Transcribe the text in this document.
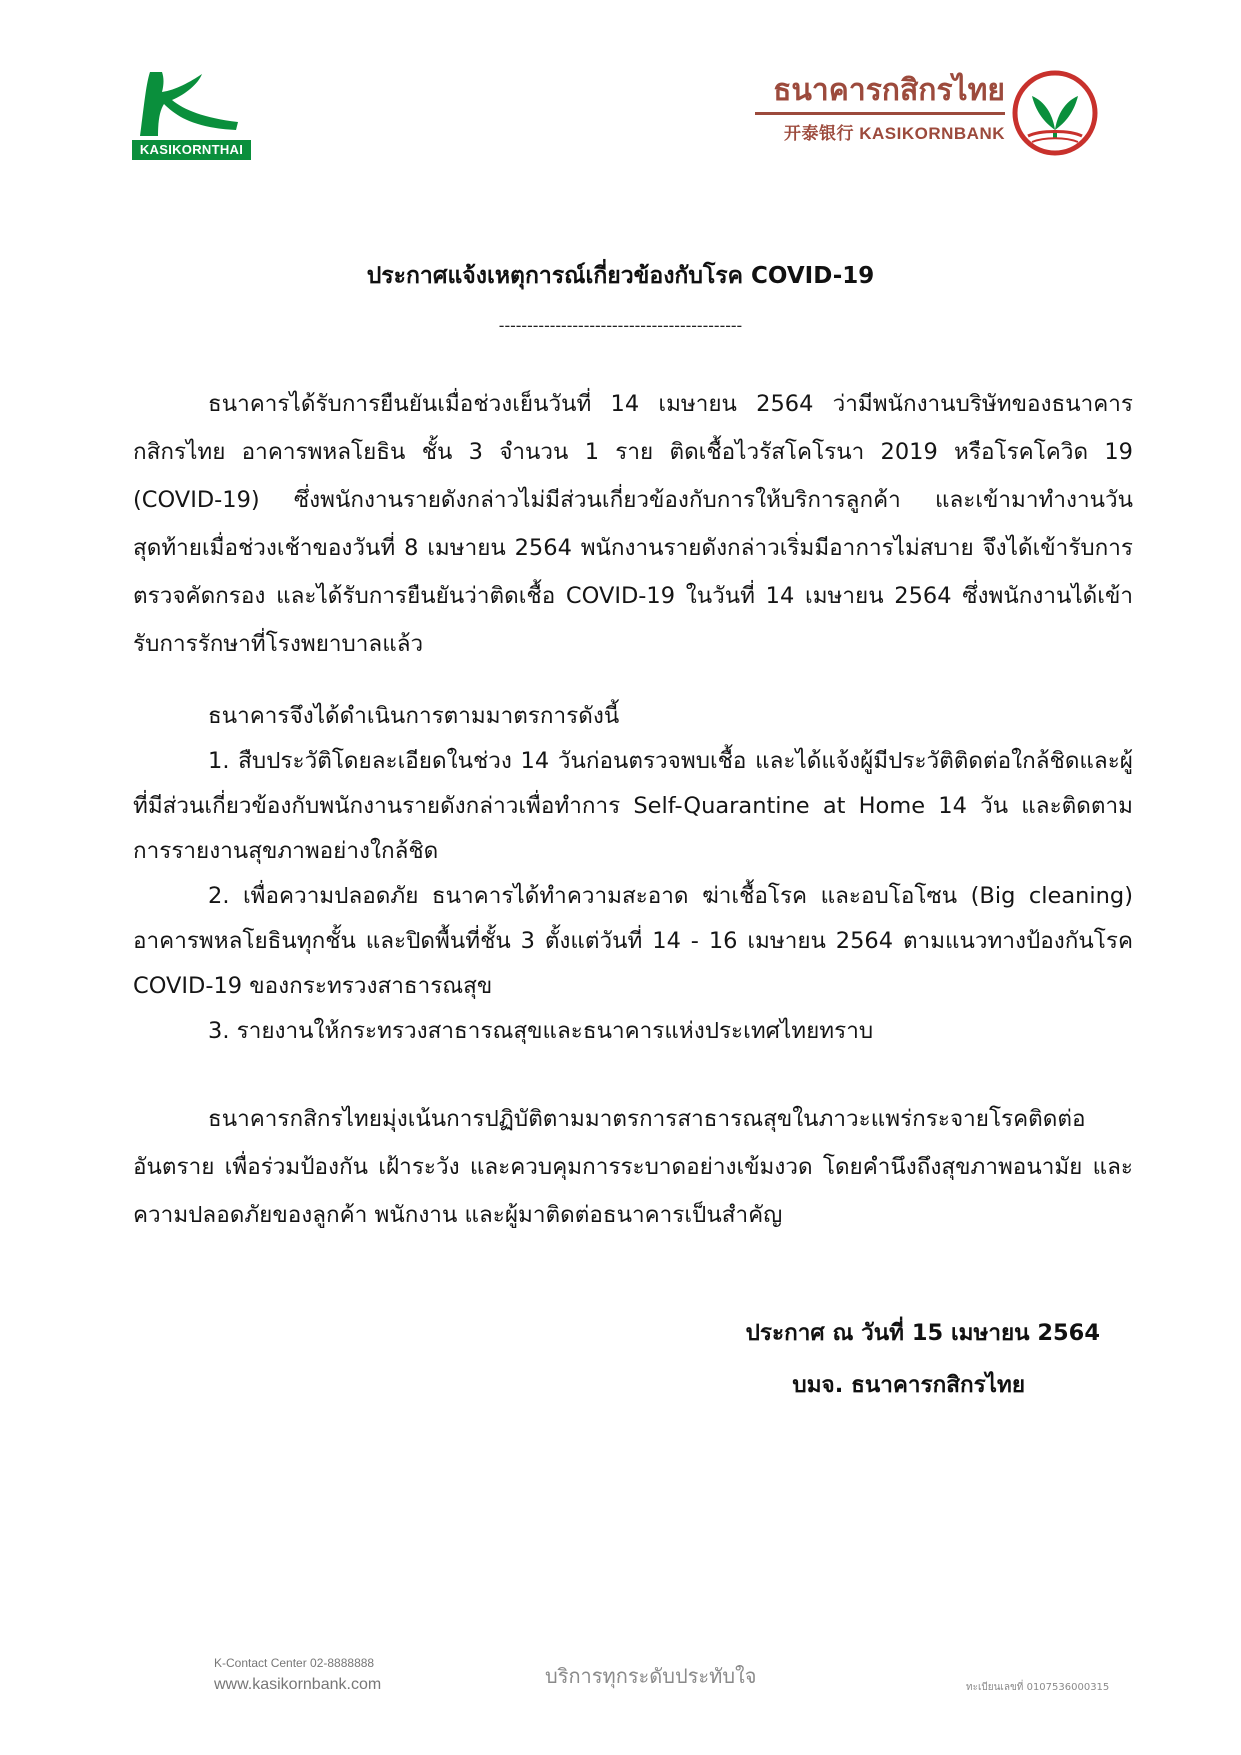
KASIKORNTHAI
ธนาคารกสิกรไทย
开泰银行 KASIKORNBANK
ประกาศแจ้งเหตุการณ์เกี่ยวข้องกับโรค COVID-19
-------------------------------------------
ธนาคารได้รับการยืนยันเมื่อช่วงเย็นวันที่ 14 เมษายน 2564 ว่ามีพนักงานบริษัทของธนาคารกสิกรไทย อาคารพหลโยธิน ชั้น 3 จำนวน 1 ราย ติดเชื้อไวรัสโคโรนา 2019 หรือโรคโควิด 19 (COVID-19) ซึ่งพนักงานรายดังกล่าวไม่มีส่วนเกี่ยวข้องกับการให้บริการลูกค้า และเข้ามาทำงานวันสุดท้ายเมื่อช่วงเช้าของวันที่ 8 เมษายน 2564 พนักงานรายดังกล่าวเริ่มมีอาการไม่สบาย จึงได้เข้ารับการตรวจคัดกรอง และได้รับการยืนยันว่าติดเชื้อ COVID-19 ในวันที่ 14 เมษายน 2564 ซึ่งพนักงานได้เข้ารับการรักษาที่โรงพยาบาลแล้ว
ธนาคารจึงได้ดำเนินการตามมาตรการดังนี้
1. สืบประวัติโดยละเอียดในช่วง 14 วันก่อนตรวจพบเชื้อ และได้แจ้งผู้มีประวัติติดต่อใกล้ชิดและผู้ที่มีส่วนเกี่ยวข้องกับพนักงานรายดังกล่าวเพื่อทำการ Self-Quarantine at Home 14 วัน และติดตามการรายงานสุขภาพอย่างใกล้ชิด
2. เพื่อความปลอดภัย ธนาคารได้ทำความสะอาด ฆ่าเชื้อโรค และอบโอโซน (Big cleaning) อาคารพหลโยธินทุกชั้น และปิดพื้นที่ชั้น 3 ตั้งแต่วันที่ 14 - 16 เมษายน 2564 ตามแนวทางป้องกันโรค COVID-19 ของกระทรวงสาธารณสุข
3. รายงานให้กระทรวงสาธารณสุขและธนาคารแห่งประเทศไทยทราบ
ธนาคารกสิกรไทยมุ่งเน้นการปฏิบัติตามมาตรการสาธารณสุขในภาวะแพร่กระจายโรคติดต่ออันตราย เพื่อร่วมป้องกัน เฝ้าระวัง และควบคุมการระบาดอย่างเข้มงวด โดยคำนึงถึงสุขภาพอนามัย และความปลอดภัยของลูกค้า พนักงาน และผู้มาติดต่อธนาคารเป็นสำคัญ
ประกาศ ณ วันที่ 15 เมษายน 2564
บมจ. ธนาคารกสิกรไทย
K-Contact Center 02-8888888
www.kasikornbank.com	บริการทุกระดับประทับใจ	ทะเบียนเลขที่ 0107536000315
